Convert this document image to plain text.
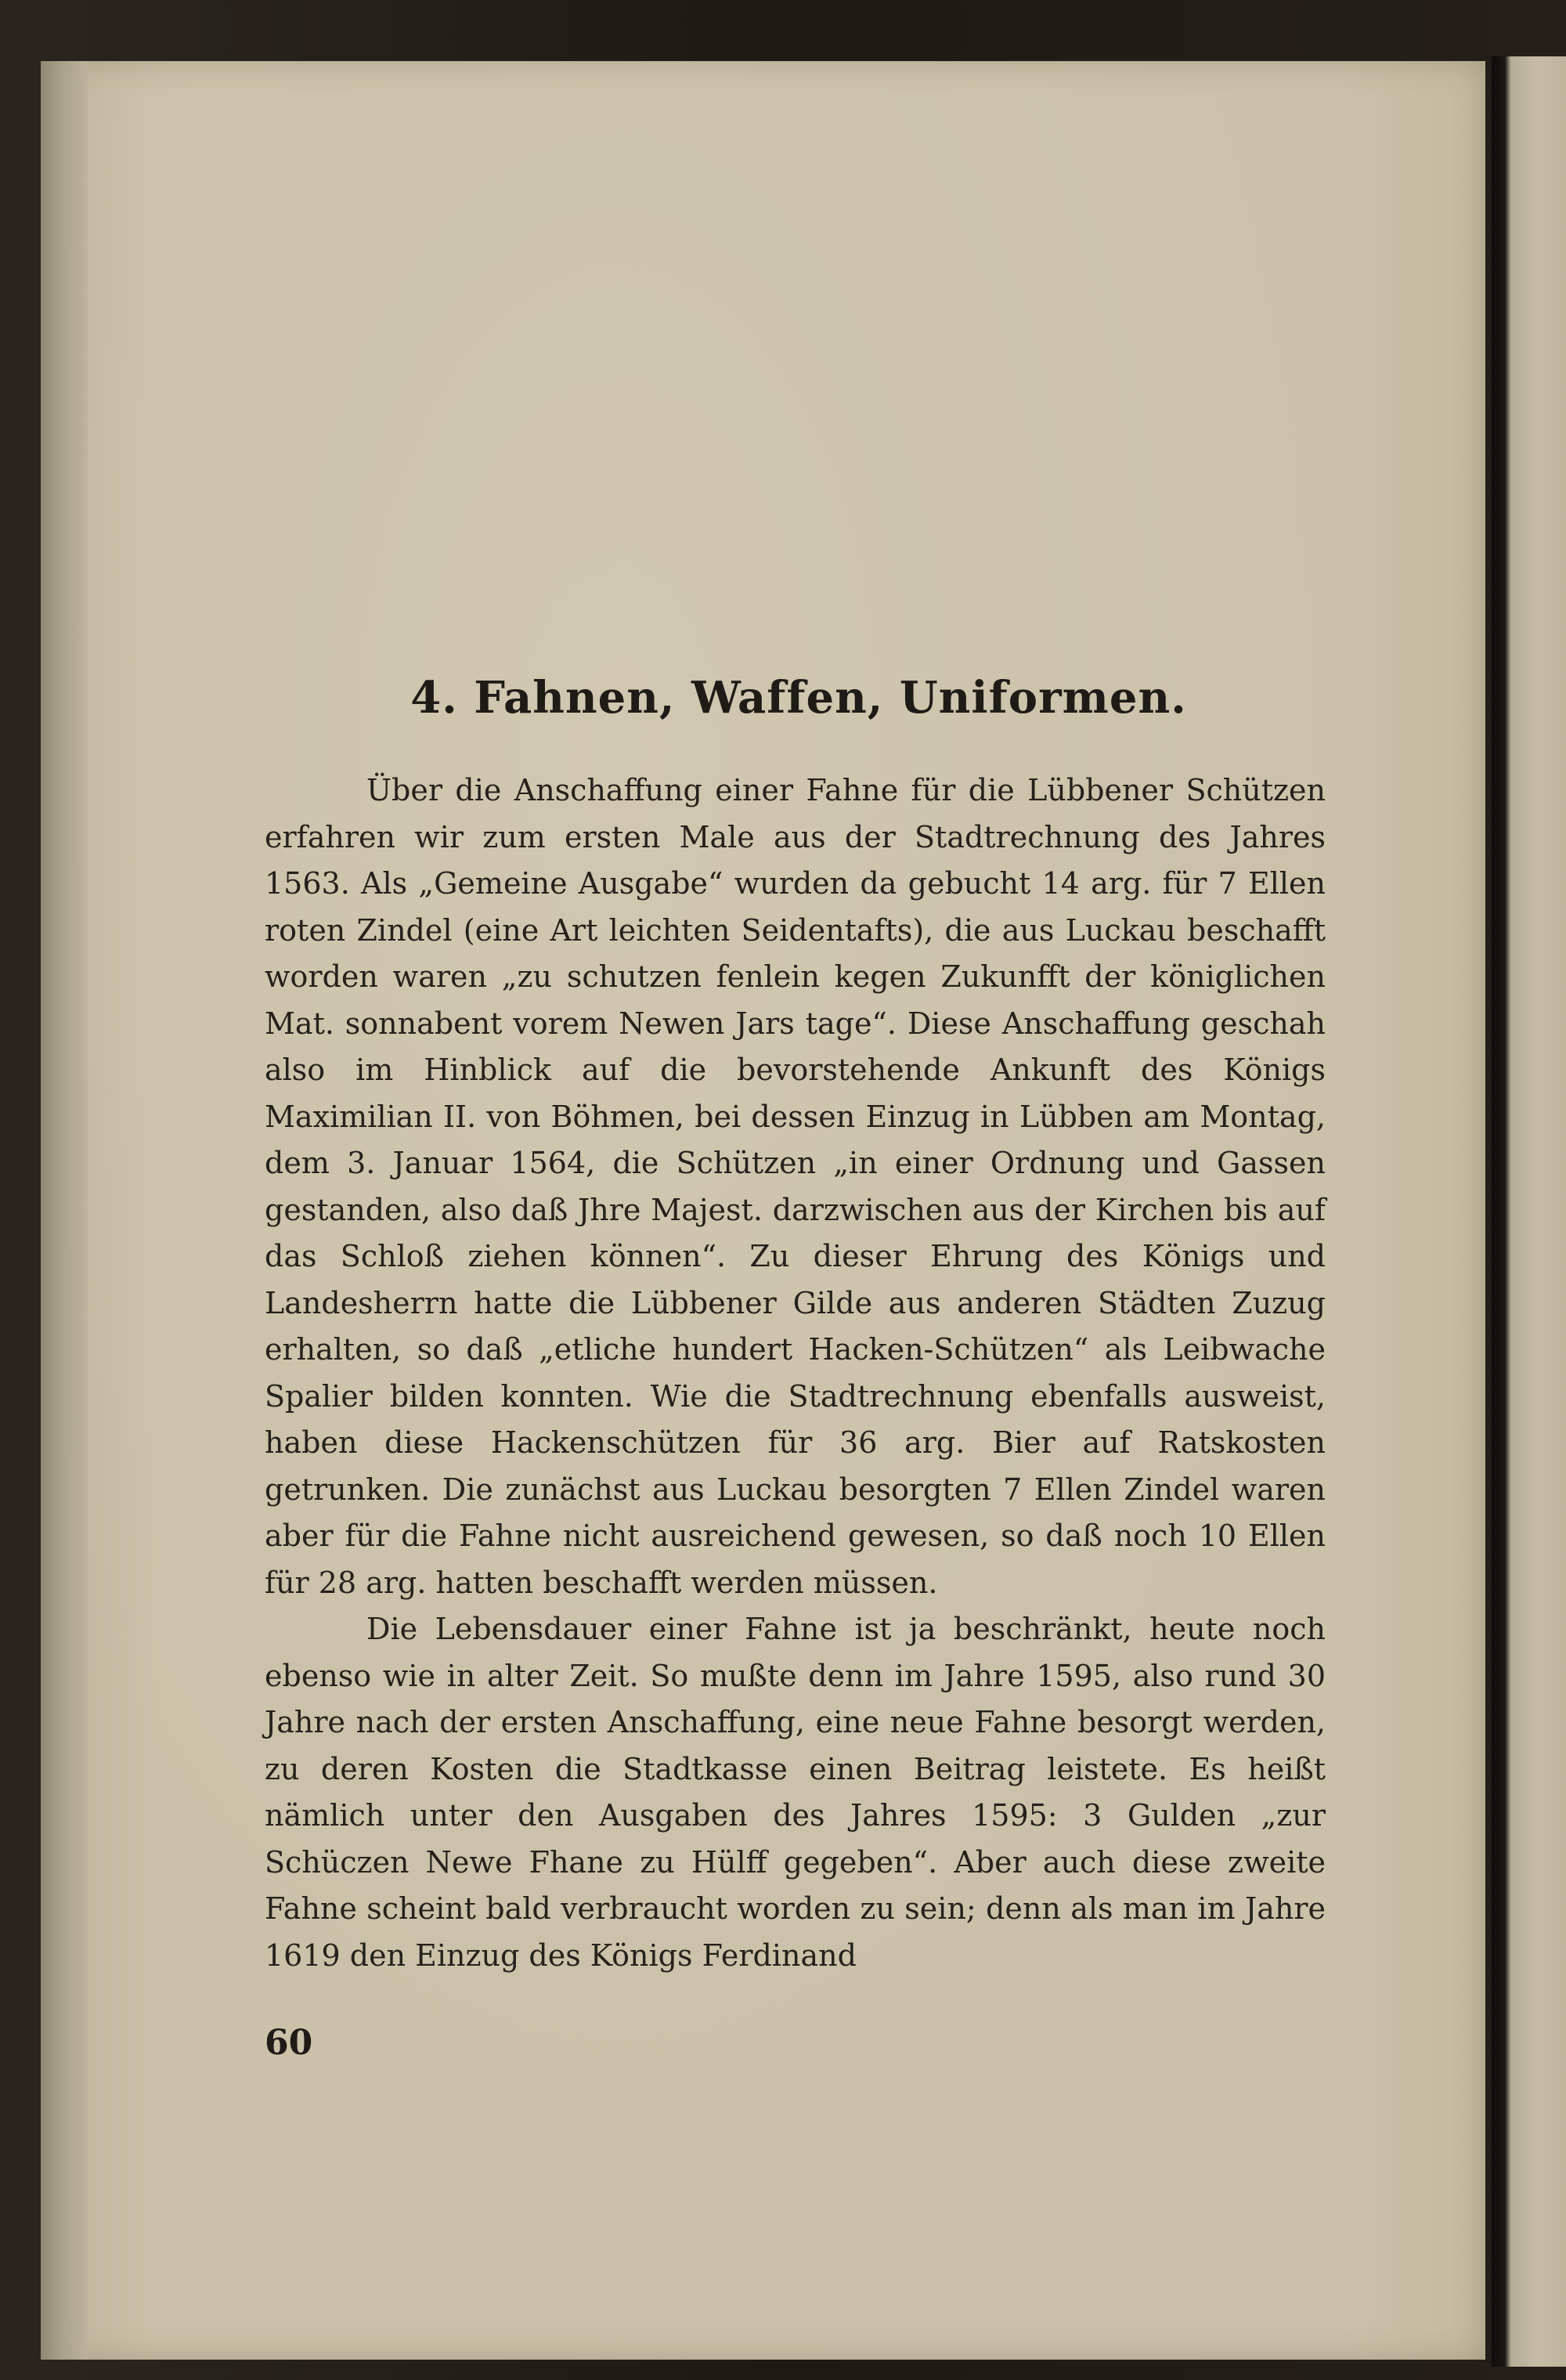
4. Fahnen, Waffen, Uniformen.

Über die Anschaffung einer Fahne für die Lübbener Schützen erfahren wir zum ersten Male aus der Stadtrechnung des Jahres 1563. Als „Gemeine Ausgabe“ wurden da gebucht 14 arg. für 7 Ellen roten Zindel (eine Art leichten Seidentafts), die aus Luckau beschafft worden waren „zu schutzen fenlein kegen Zukunfft der königlichen Mat. sonnabent vorem Newen Jars tage“. Diese Anschaffung geschah also im Hinblick auf die bevorstehende Ankunft des Königs Maximilian II. von Böhmen, bei dessen Einzug in Lübben am Montag, dem 3. Januar 1564, die Schützen „in einer Ordnung und Gassen gestanden, also daß Jhre Majest. darzwischen aus der Kirchen bis auf das Schloß ziehen können“. Zu dieser Ehrung des Königs und Landesherrn hatte die Lübbener Gilde aus anderen Städten Zuzug erhalten, so daß „etliche hundert Hacken-Schützen“ als Leibwache Spalier bilden konnten. Wie die Stadtrechnung ebenfalls ausweist, haben diese Hackenschützen für 36 arg. Bier auf Ratskosten getrunken. Die zunächst aus Luckau besorgten 7 Ellen Zindel waren aber für die Fahne nicht ausreichend gewesen, so daß noch 10 Ellen für 28 arg. hatten beschafft werden müssen.

Die Lebensdauer einer Fahne ist ja beschränkt, heute noch ebenso wie in alter Zeit. So mußte denn im Jahre 1595, also rund 30 Jahre nach der ersten Anschaffung, eine neue Fahne besorgt werden, zu deren Kosten die Stadtkasse einen Beitrag leistete. Es heißt nämlich unter den Ausgaben des Jahres 1595: 3 Gulden „zur Schüczen Newe Fhane zu Hülff gegeben“. Aber auch diese zweite Fahne scheint bald verbraucht worden zu sein; denn als man im Jahre 1619 den Einzug des Königs Ferdinand

60
